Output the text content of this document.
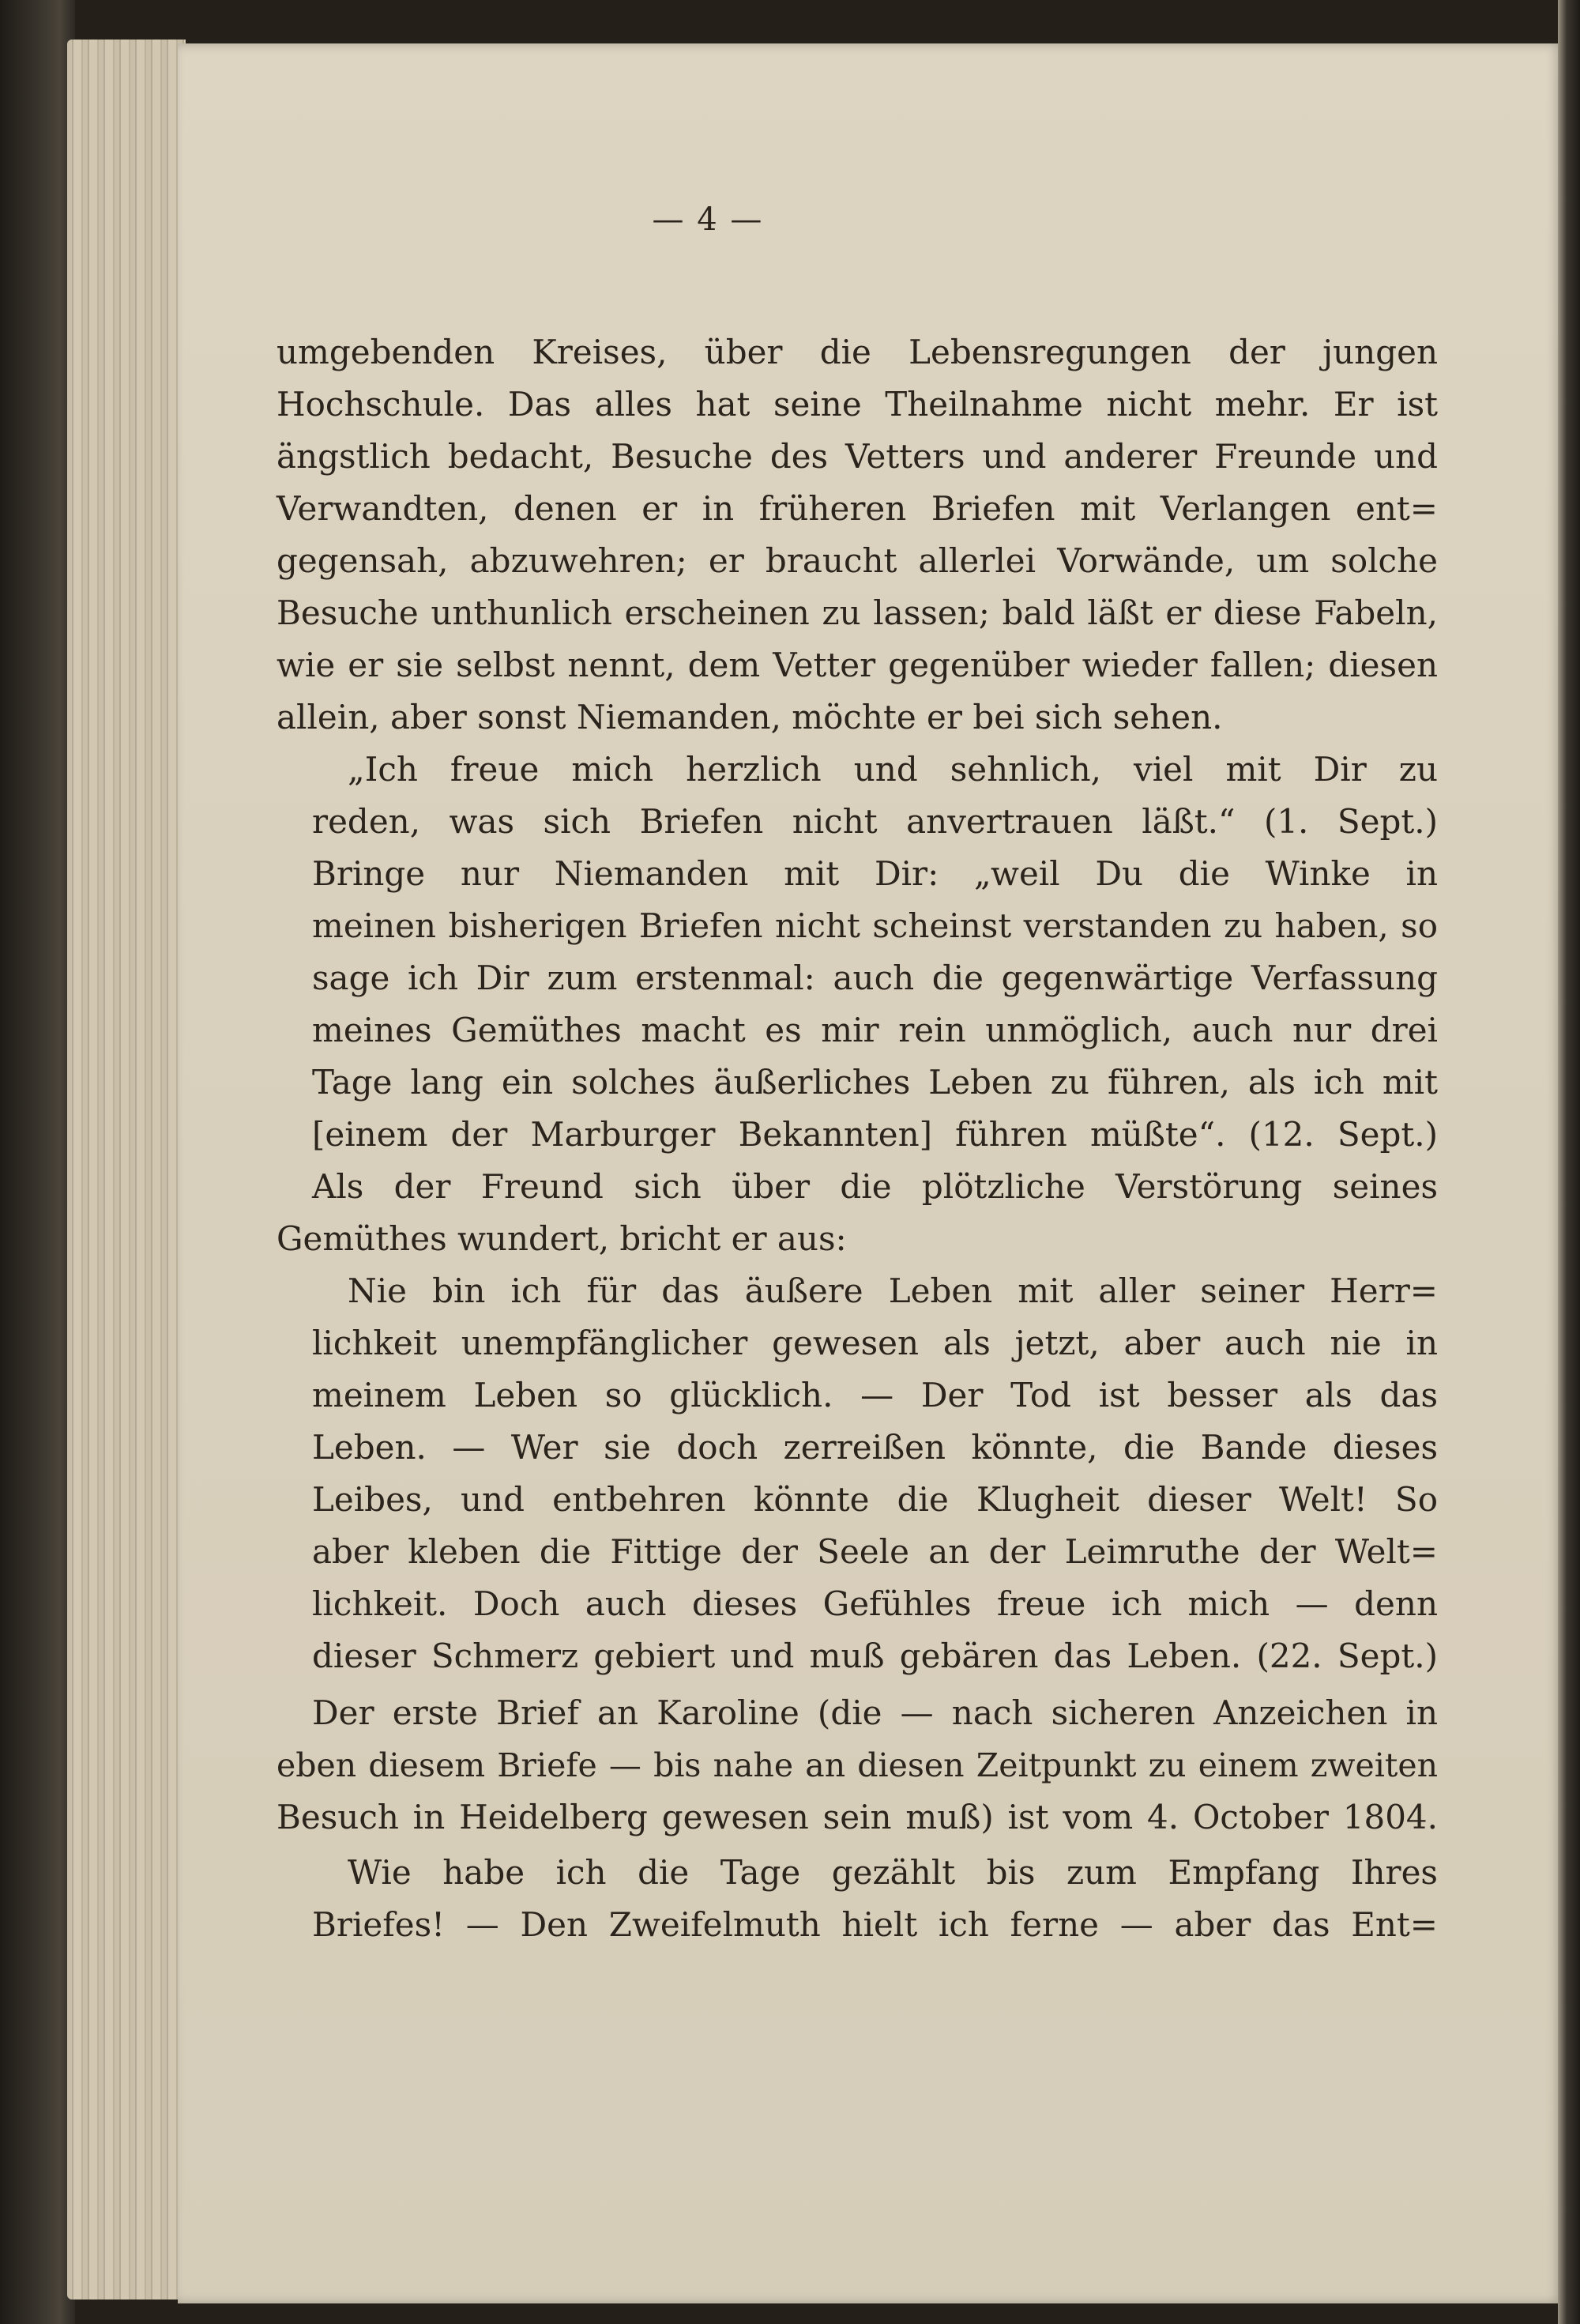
— 4 —
umgebenden Kreises, über die Lebensregungen der jungen
Hochschule. Das alles hat seine Theilnahme nicht mehr. Er ist
ängstlich bedacht, Besuche des Vetters und anderer Freunde und
Verwandten, denen er in früheren Briefen mit Verlangen ent=
gegensah, abzuwehren; er braucht allerlei Vorwände, um solche
Besuche unthunlich erscheinen zu lassen; bald läßt er diese Fabeln,
wie er sie selbst nennt, dem Vetter gegenüber wieder fallen; diesen
allein, aber sonst Niemanden, möchte er bei sich sehen.
„Ich freue mich herzlich und sehnlich, viel mit Dir zu
reden, was sich Briefen nicht anvertrauen läßt.“ (1. Sept.)
Bringe nur Niemanden mit Dir: „weil Du die Winke in
meinen bisherigen Briefen nicht scheinst verstanden zu haben, so
sage ich Dir zum erstenmal: auch die gegenwärtige Verfassung
meines Gemüthes macht es mir rein unmöglich, auch nur drei
Tage lang ein solches äußerliches Leben zu führen, als ich mit
[einem der Marburger Bekannten] führen müßte“. (12. Sept.)
Als der Freund sich über die plötzliche Verstörung seines
Gemüthes wundert, bricht er aus:
Nie bin ich für das äußere Leben mit aller seiner Herr=
lichkeit unempfänglicher gewesen als jetzt, aber auch nie in
meinem Leben so glücklich. — Der Tod ist besser als das
Leben. — Wer sie doch zerreißen könnte, die Bande dieses
Leibes, und entbehren könnte die Klugheit dieser Welt! So
aber kleben die Fittige der Seele an der Leimruthe der Welt=
lichkeit. Doch auch dieses Gefühles freue ich mich — denn
dieser Schmerz gebiert und muß gebären das Leben. (22. Sept.)
Der erste Brief an Karoline (die — nach sicheren Anzeichen in
eben diesem Briefe — bis nahe an diesen Zeitpunkt zu einem zweiten
Besuch in Heidelberg gewesen sein muß) ist vom 4. October 1804.
Wie habe ich die Tage gezählt bis zum Empfang Ihres
Briefes! — Den Zweifelmuth hielt ich ferne — aber das Ent=
